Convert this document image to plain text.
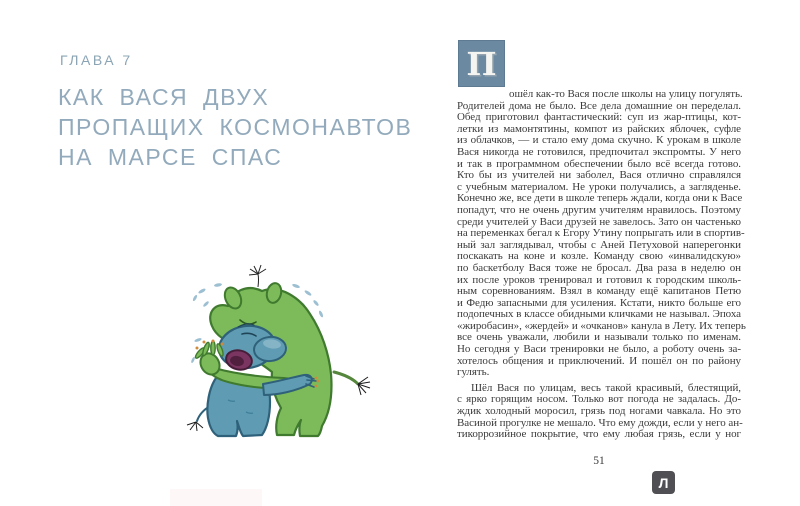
ГЛАВА 7
КАК ВАСЯ ДВУХ
ПРОПАЩИХ КОСМОНАВТОВ
НА МАРСЕ СПАС
П
ошёл как-то Вася после школы на улицу погулять.
Родителей дома не было. Все дела домашние он переделал.
Обед приготовил фантастический: суп из жар-птицы, кот-
летки из мамонтятины, компот из райских яблочек, суфле
из облачков, — и стало ему дома скучно. К урокам в школе
Вася никогда не готовился, предпочитал экспромты. У него
и так в программном обеспечении было всё всегда готово.
Кто бы из учителей ни заболел, Вася отлично справлялся
с учебным материалом. Не уроки получались, а загляденье.
Конечно же, все дети в школе теперь ждали, когда они к Васе
попадут, что не очень другим учителям нравилось. Поэтому
среди учителей у Васи друзей не завелось. Зато он частенько
на переменках бегал к Егору Утину попрыгать или в спортив-
ный зал заглядывал, чтобы с Аней Петуховой наперегонки
поскакать на коне и козле. Команду свою «инвалидскую»
по баскетболу Вася тоже не бросал. Два раза в неделю он
их после уроков тренировал и готовил к городским школь-
ным соревнованиям. Взял в команду ещё капитанов Петю
и Федю запасными для усиления. Кстати, никто больше его
подопечных в классе обидными кличками не называл. Эпоха
«жиробасин», «жердей» и «очканов» канула в Лету. Их теперь
все очень уважали, любили и называли только по именам.
Но сегодня у Васи тренировки не было, а роботу очень за-
хотелось общения и приключений. И пошёл он по району
гулять.
Шёл Вася по улицам, весь такой красивый, блестящий,
с ярко горящим носом. Только вот погода не задалась. До-
ждик холодный моросил, грязь под ногами чавкала. Но это
Васиной прогулке не мешало. Что ему дожди, если у него ан-
тикоррозийное покрытие, что ему любая грязь, если у ног
51
Л
